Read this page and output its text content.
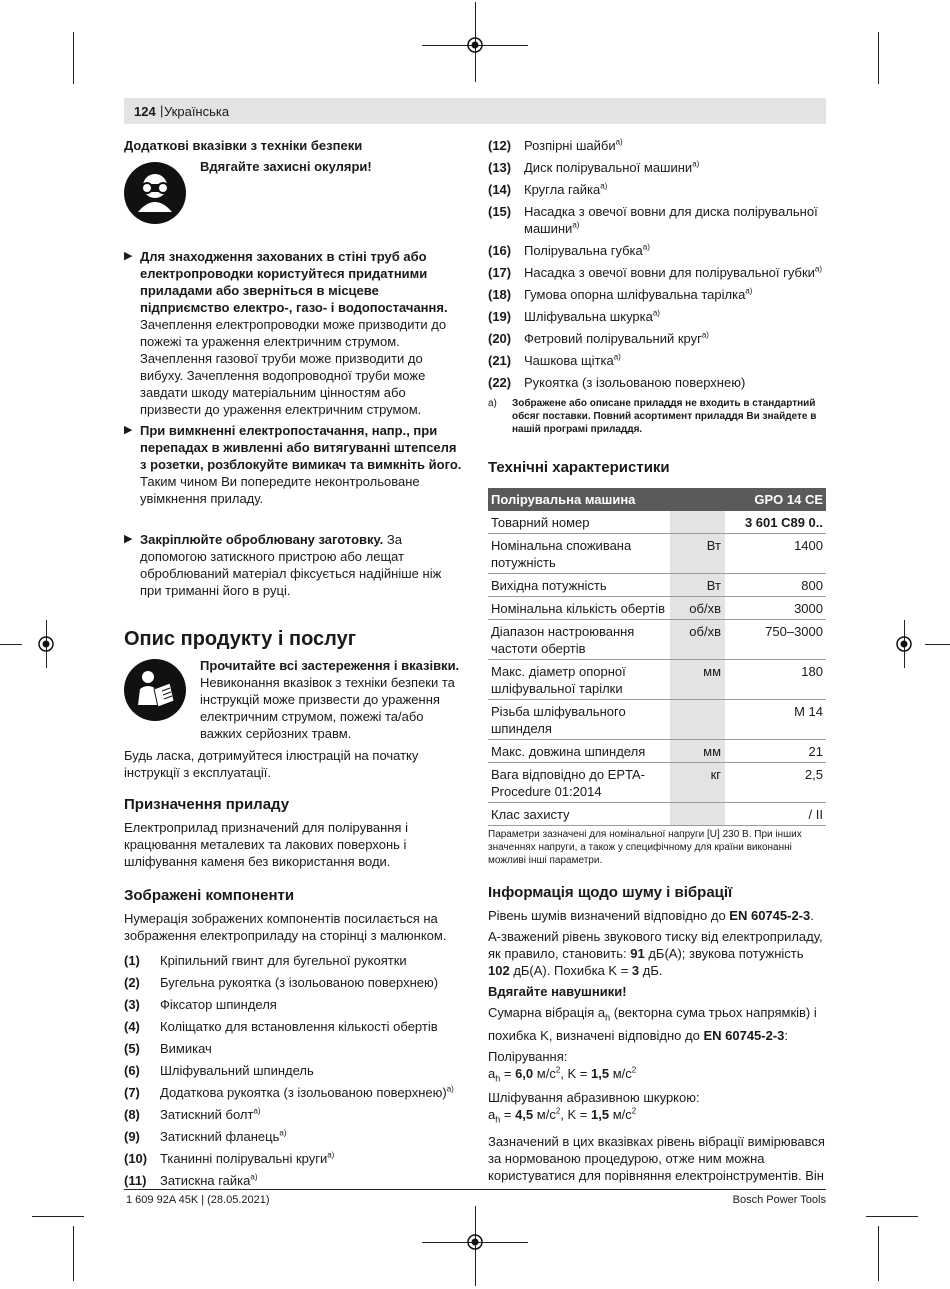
124 | Українська

Додаткові вказівки з техніки безпеки

Вдягайте захисні окуляри!
▶ Для знаходження захованих в стіні труб або електропроводки користуйтеся придатними приладами або зверніться в місцеве підприємство електро-, газо- і водопостачання. Зачеплення електропроводки може призводити до пожежі та ураження електричним струмом. Зачеплення газової труби може призводити до вибуху. Зачеплення водопроводної труби може завдати шкоду матеріальним цінностям або призвести до ураження електричним струмом.

▶ При вимкненні електропостачання, напр., при перепадах в живленні або витягуванні штепселя з розетки, розблокуйте вимикач та вимкніть його. Таким чином Ви попередите неконтрольоване увімкнення приладу.

▶ Закріплюйте оброблювану заготовку. За допомогою затискного пристрою або лещат оброблюваний матеріал фіксується надійніше ніж при триманні його в руці.

Опис продукту і послуг
Прочитайте всі застереження і вказівки. Невиконання вказівок з техніки безпеки та інструкцій може призвести до ураження електричним струмом, пожежі та/або важких серйозних травм.

Будь ласка, дотримуйтеся ілюстрацій на початку інструкції з експлуатації.

Призначення приладу

Електроприлад призначений для полірування і крацювання металевих та лакових поверхонь і шліфування каменя без використання води.

Зображені компоненти

Нумерація зображених компонентів посилається на зображення електроприладу на сторінці з малюнком.

(1)	Кріпильний гвинт для бугельної рукоятки
(2)	Бугельна рукоятка (з ізольованою поверхнею)
(3)	Фіксатор шпинделя
(4)	Коліщатко для встановлення кількості обертів
(5)	Вимикач
(6)	Шліфувальний шпиндель
(7)	Додаткова рукоятка (з ізольованою поверхнею)$^{a)}$
(8)	Затискний болт$^{a)}$
(9)	Затискний фланець$^{a)}$
(10) Тканинні полірувальні круги$^{a)}$
(11)	Затискна гайка$^{a)}$
(12) Розпірні шайби$^{a)}$
(13) Диск полірувальної машини$^{a)}$
(14) Кругла гайка$^{a)}$
(15) Насадка з овечої вовни для диска полірувальної машини$^{a)}$
(16) Полірувальна губка$^{a)}$
(17) Насадка з овечої вовни для полірувальної губки$^{a)}$
(18) Гумова опорна шліфувальна тарілка$^{a)}$
(19) Шліфувальна шкурка$^{a)}$
(20) Фетровий полірувальний круг$^{a)}$
(21) Чашкова щітка$^{a)}$
(22) Рукоятка (з ізольованою поверхнею)
a)	Зображене або описане приладдя не входить в стандартний обсяг поставки. Повний асортимент приладдя Ви знайдете в нашій програмі приладдя.
Технічні характеристики
Полірувальна машина		GPO 14 CE
Товарний номер		3 601 C89 0..
Номінальна споживана потужність	Вт	1400
Вихідна потужність	Вт	800
Номінальна кількість обертів	об/хв	3000
Діапазон настроювання частоти обертів	об/хв	750–3000
Макс. діаметр опорної шліфувальної тарілки	мм	180
Різьба шліфувального шпинделя		M 14
Макс. довжина шпинделя	мм	21
Вага відповідно до EPTA-Procedure 01:2014	кг	2,5
Клас захисту		/ II
Параметри зазначені для номінальної напруги [U] 230 В. При інших значеннях напруги, а також у специфічному для країни виконанні можливі інші параметри.
Інформація щодо шуму і вібрації

Рівень шумів визначений відповідно до EN 60745-2-3.

А-зважений рівень звукового тиску від електроприладу, як правило, становить: 91 дБ(A); звукова потужність 102 дБ(A). Похибка K = 3 дБ.

Вдягайте навушники!

Сумарна вібрація $a_h$ (векторна сума трьох напрямків) і похибка K, визначені відповідно до EN 60745-2-3:

Полірування:

$a_h = 6,0$ $м/с^2$, K = 1,5 $м/с^2$

Шліфування абразивною шкуркою:

$a_h = 4,5$ $м/с^2$, K = 1,5 $м/с^2$

Зазначений в цих вказівках рівень вібрації вимірювався за нормованою процедурою, отже ним можна користуватися для порівняння електроінструментів. Він

1 609 92A 45K | (28.05.2021)	Bosch Power Tools
